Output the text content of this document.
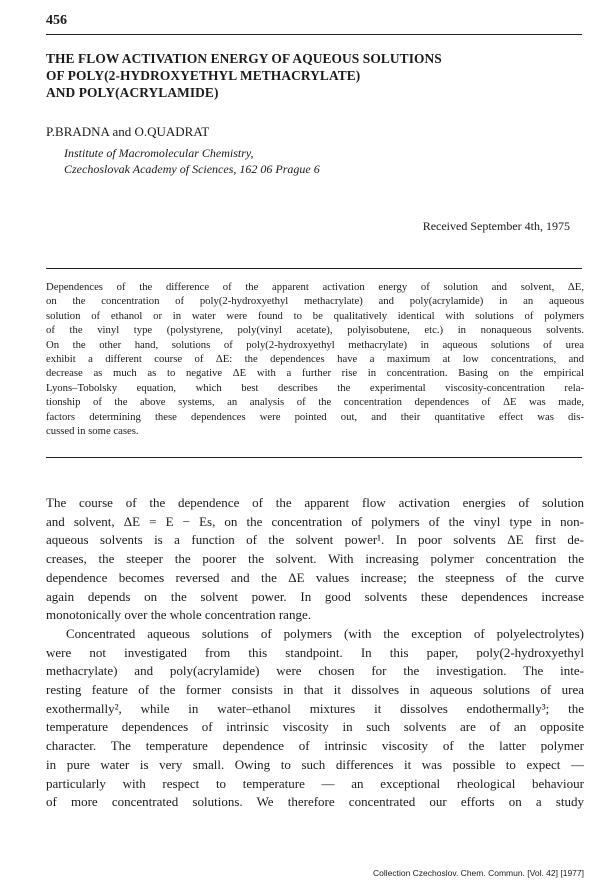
456
THE FLOW ACTIVATION ENERGY OF AQUEOUS SOLUTIONS
OF POLY(2-HYDROXYETHYL METHACRYLATE)
AND POLY(ACRYLAMIDE)
P.BRADNA and O.QUADRAT
Institute of Macromolecular Chemistry,
Czechoslovak Academy of Sciences, 162 06 Prague 6
Received September 4th, 1975

Dependences of the difference of the apparent activation energy of solution and solvent, ΔE,
on the concentration of poly(2-hydroxyethyl methacrylate) and poly(acrylamide) in an aqueous
solution of ethanol or in water were found to be qualitatively identical with solutions of polymers
of the vinyl type (polystyrene, poly(vinyl acetate), polyisobutene, etc.) in nonaqueous solvents.
On the other hand, solutions of poly(2-hydroxyethyl methacrylate) in aqueous solutions of urea
exhibit a different course of ΔE: the dependences have a maximum at low concentrations, and
decrease as much as to negative ΔE with a further rise in concentration. Basing on the empirical
Lyons–Tobolsky equation, which best describes the experimental viscosity-concentration rela-
tionship of the above systems, an analysis of the concentration dependences of ΔE was made,
factors determining these dependences were pointed out, and their quantitative effect was dis-
cussed in some cases.

The course of the dependence of the apparent flow activation energies of solution
and solvent, ΔE = E − Es, on the concentration of polymers of the vinyl type in non-
aqueous solvents is a function of the solvent power¹. In poor solvents ΔE first de-
creases, the steeper the poorer the solvent. With increasing polymer concentration the
dependence becomes reversed and the ΔE values increase; the steepness of the curve
again depends on the solvent power. In good solvents these dependences increase
monotonically over the whole concentration range.
Concentrated aqueous solutions of polymers (with the exception of polyelectrolytes)
were not investigated from this standpoint. In this paper, poly(2-hydroxyethyl
methacrylate) and poly(acrylamide) were chosen for the investigation. The inte-
resting feature of the former consists in that it dissolves in aqueous solutions of urea
exothermally², while in water–ethanol mixtures it dissolves endothermally³; the
temperature dependences of intrinsic viscosity in such solvents are of an opposite
character. The temperature dependence of intrinsic viscosity of the latter polymer
in pure water is very small. Owing to such differences it was possible to expect —
particularly with respect to temperature — an exceptional rheological behaviour
of more concentrated solutions. We therefore concentrated our efforts on a study
Collection Czechoslov. Chem. Commun. [Vol. 42] [1977]
